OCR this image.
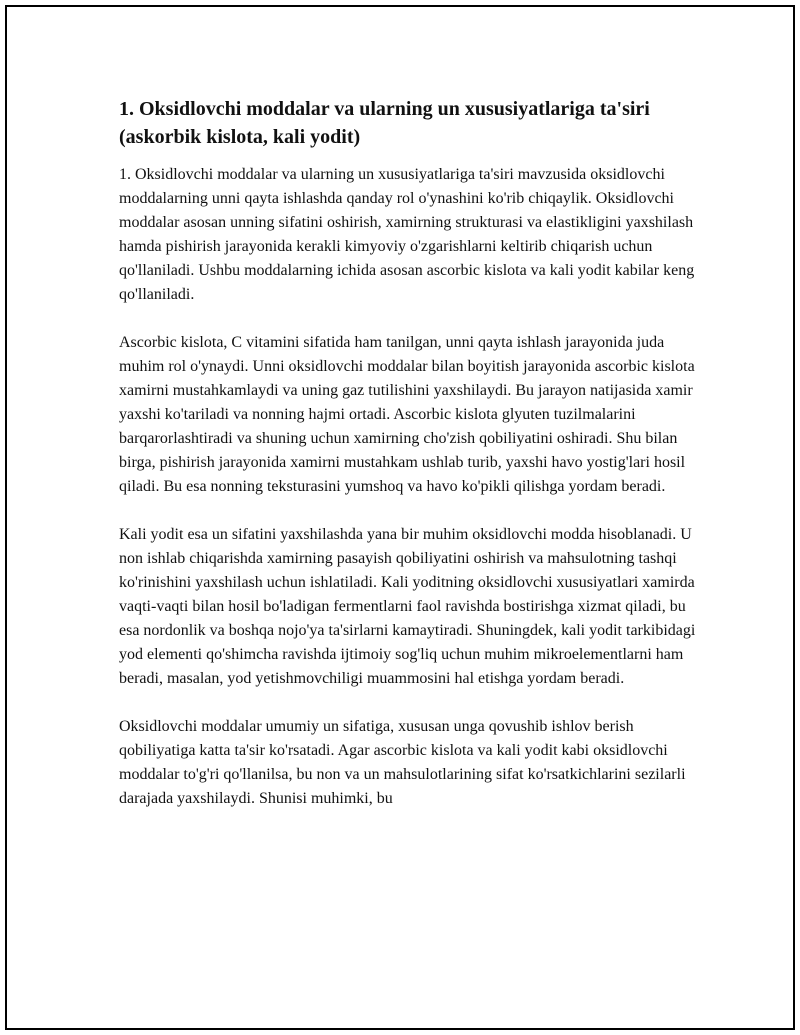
1. Oksidlovchi moddalar va ularning un xususiyatlariga ta'siri (askorbik kislota, kali yodit)

1. Oksidlovchi moddalar va ularning un xususiyatlariga ta'siri mavzusida oksidlovchi moddalarning unni qayta ishlashda qanday rol o'ynashini ko'rib chiqaylik. Oksidlovchi moddalar asosan unning sifatini oshirish, xamirning strukturasi va elastikligini yaxshilash hamda pishirish jarayonida kerakli kimyoviy o'zgarishlarni keltirib chiqarish uchun qo'llaniladi. Ushbu moddalarning ichida asosan ascorbic kislota va kali yodit kabilar keng qo'llaniladi.

Ascorbic kislota, C vitamini sifatida ham tanilgan, unni qayta ishlash jarayonida juda muhim rol o'ynaydi. Unni oksidlovchi moddalar bilan boyitish jarayonida ascorbic kislota xamirni mustahkamlaydi va uning gaz tutilishini yaxshilaydi. Bu jarayon natijasida xamir yaxshi ko'tariladi va nonning hajmi ortadi. Ascorbic kislota glyuten tuzilmalarini barqarorlashtiradi va shuning uchun xamirning cho'zish qobiliyatini oshiradi. Shu bilan birga, pishirish jarayonida xamirni mustahkam ushlab turib, yaxshi havo yostig'lari hosil qiladi. Bu esa nonning teksturasini yumshoq va havo ko'pikli qilishga yordam beradi.

Kali yodit esa un sifatini yaxshilashda yana bir muhim oksidlovchi modda hisoblanadi. U non ishlab chiqarishda xamirning pasayish qobiliyatini oshirish va mahsulotning tashqi ko'rinishini yaxshilash uchun ishlatiladi. Kali yoditning oksidlovchi xususiyatlari xamirda vaqti-vaqti bilan hosil bo'ladigan fermentlarni faol ravishda bostirishga xizmat qiladi, bu esa nordonlik va boshqa nojo'ya ta'sirlarni kamaytiradi. Shuningdek, kali yodit tarkibidagi yod elementi qo'shimcha ravishda ijtimoiy sog'liq uchun muhim mikroelementlarni ham beradi, masalan, yod yetishmovchiligi muammosini hal etishga yordam beradi.

Oksidlovchi moddalar umumiy un sifatiga, xususan unga qovushib ishlov berish qobiliyatiga katta ta'sir ko'rsatadi. Agar ascorbic kislota va kali yodit kabi oksidlovchi moddalar to'g'ri qo'llanilsa, bu non va un mahsulotlarining sifat ko'rsatkichlarini sezilarli darajada yaxshilaydi. Shunisi muhimki, bu
